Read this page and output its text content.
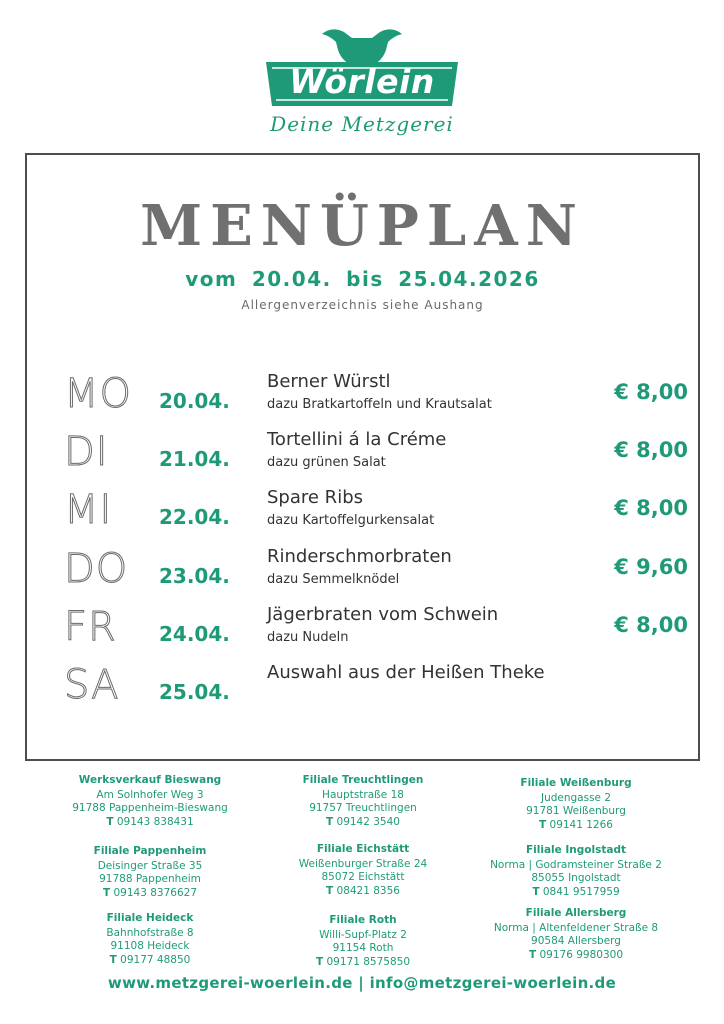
Wörlein
Deine Metzgerei
MENÜPLAN
vom 20.04. bis 25.04.2026
Allergenverzeichnis siehe Aushang
MO 20.04.
Berner Würstl
dazu Bratkartoffeln und Krautsalat
€ 8,00
DI	21.04.
Tortellini á la Créme
dazu grünen Salat
€ 8,00
MI 22.04.
Spare Ribs
dazu Kartoffelgurkensalat
€ 8,00
DO 23.04.
Rinderschmorbraten
dazu Semmelknödel
€ 9,60
FR 24.04.
Jägerbraten vom Schwein
dazu Nudeln
€ 8,00
SA 25.04.
Auswahl aus der Heißen Theke
Werksverkauf Bieswang
Am Solnhofer Weg 3
91788 Pappenheim-Bieswang
T 09143 838431
Filiale Pappenheim
Deisinger Straße 35
91788 Pappenheim
T 09143 8376627
Filiale Heideck
Bahnhofstraße 8
91108 Heideck
T 09177 48850
Filiale Treuchtlingen
Hauptstraße 18
91757 Treuchtlingen
T 09142 3540
Filiale Eichstätt
Weißenburger Straße 24
85072 Eichstätt
T 08421 8356
Filiale Roth
Willi-Supf-Platz 2
91154 Roth
T 09171 8575850
Filiale Weißenburg
Judengasse 2
91781 Weißenburg
T 09141 1266
Filiale Ingolstadt
Norma | Godramsteiner Straße 2
85055 Ingolstadt
T 0841 9517959
Filiale Allersberg
Norma | Altenfeldener Straße 8
90584 Allersberg
T 09176 9980300
www.metzgerei-woerlein.de | info@metzgerei-woerlein.de
